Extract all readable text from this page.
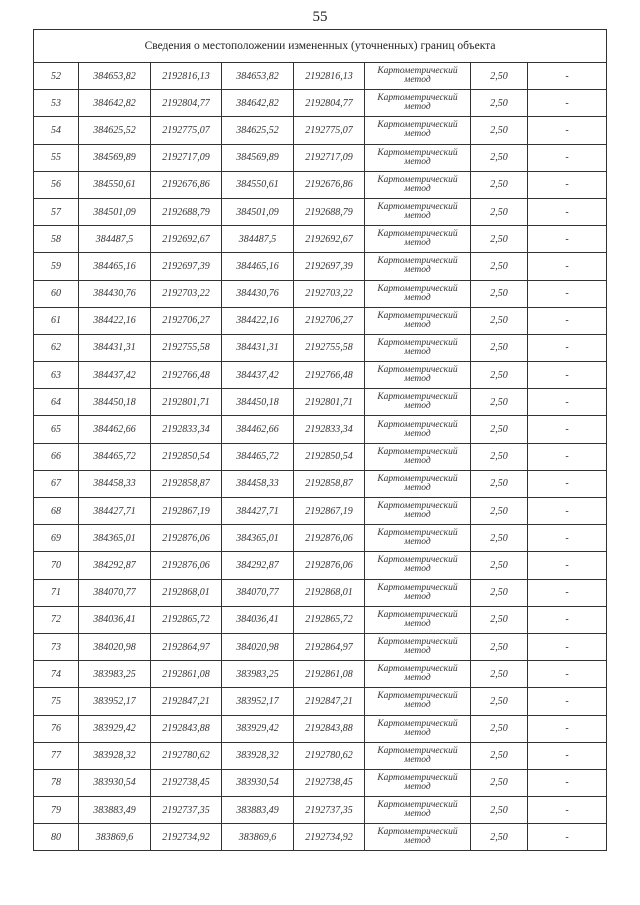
55
Сведения о местоположении измененных (уточненных) границ объекта							
52	384653,82	2192816,13	384653,82	2192816,13	Картометрический метод	2,50	-
53	384642,82	2192804,77	384642,82	2192804,77	Картометрический метод	2,50	-
54	384625,52	2192775,07	384625,52	2192775,07	Картометрический метод	2,50	-
55	384569,89	2192717,09	384569,89	2192717,09	Картометрический метод	2,50	-
56	384550,61	2192676,86	384550,61	2192676,86	Картометрический метод	2,50	-
57	384501,09	2192688,79	384501,09	2192688,79	Картометрический метод	2,50	-
58	384487,5	2192692,67	384487,5	2192692,67	Картометрический метод	2,50	-
59	384465,16	2192697,39	384465,16	2192697,39	Картометрический метод	2,50	-
60	384430,76	2192703,22	384430,76	2192703,22	Картометрический метод	2,50	-
61	384422,16	2192706,27	384422,16	2192706,27	Картометрический метод	2,50	-
62	384431,31	2192755,58	384431,31	2192755,58	Картометрический метод	2,50	-
63	384437,42	2192766,48	384437,42	2192766,48	Картометрический метод	2,50	-
64	384450,18	2192801,71	384450,18	2192801,71	Картометрический метод	2,50	-
65	384462,66	2192833,34	384462,66	2192833,34	Картометрический метод	2,50	-
66	384465,72	2192850,54	384465,72	2192850,54	Картометрический метод	2,50	-
67	384458,33	2192858,87	384458,33	2192858,87	Картометрический метод	2,50	-
68	384427,71	2192867,19	384427,71	2192867,19	Картометрический метод	2,50	-
69	384365,01	2192876,06	384365,01	2192876,06	Картометрический метод	2,50	-
70	384292,87	2192876,06	384292,87	2192876,06	Картометрический метод	2,50	-
71	384070,77	2192868,01	384070,77	2192868,01	Картометрический метод	2,50	-
72	384036,41	2192865,72	384036,41	2192865,72	Картометрический метод	2,50	-
73	384020,98	2192864,97	384020,98	2192864,97	Картометрический метод	2,50	-
74	383983,25	2192861,08	383983,25	2192861,08	Картометрический метод	2,50	-
75	383952,17	2192847,21	383952,17	2192847,21	Картометрический метод	2,50	-
76	383929,42	2192843,88	383929,42	2192843,88	Картометрический метод	2,50	-
77	383928,32	2192780,62	383928,32	2192780,62	Картометрический метод	2,50	-
78	383930,54	2192738,45	383930,54	2192738,45	Картометрический метод	2,50	-
79	383883,49	2192737,35	383883,49	2192737,35	Картометрический метод	2,50	-
80	383869,6	2192734,92	383869,6	2192734,92	Картометрический метод	2,50	-
